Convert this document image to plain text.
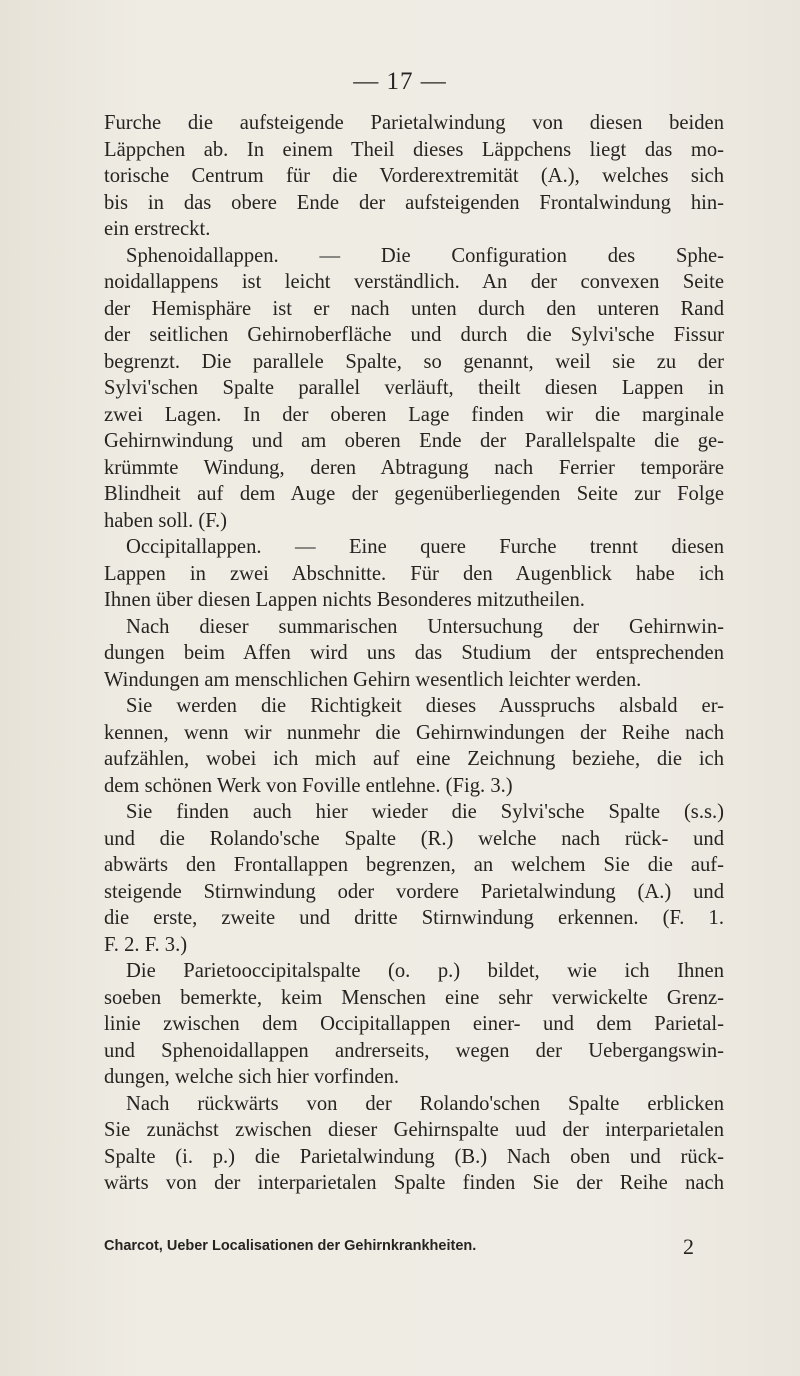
— 17 —
Furche die aufsteigende Parietalwindung von diesen beiden
Läppchen ab. In einem Theil dieses Läppchens liegt das mo-
torische Centrum für die Vorderextremität (A.), welches sich
bis in das obere Ende der aufsteigenden Frontalwindung hin-
ein erstreckt.
Sphenoidallappen. — Die Configuration des Sphe-
noidallappens ist leicht verständlich. An der convexen Seite
der Hemisphäre ist er nach unten durch den unteren Rand
der seitlichen Gehirnoberfläche und durch die Sylvi'sche Fissur
begrenzt. Die parallele Spalte, so genannt, weil sie zu der
Sylvi'schen Spalte parallel verläuft, theilt diesen Lappen in
zwei Lagen. In der oberen Lage finden wir die marginale
Gehirnwindung und am oberen Ende der Parallelspalte die ge-
krümmte Windung, deren Abtragung nach Ferrier temporäre
Blindheit auf dem Auge der gegenüberliegenden Seite zur Folge
haben soll. (F.)
Occipitallappen. — Eine quere Furche trennt diesen
Lappen in zwei Abschnitte. Für den Augenblick habe ich
Ihnen über diesen Lappen nichts Besonderes mitzutheilen.
Nach dieser summarischen Untersuchung der Gehirnwin-
dungen beim Affen wird uns das Studium der entsprechenden
Windungen am menschlichen Gehirn wesentlich leichter werden.
Sie werden die Richtigkeit dieses Ausspruchs alsbald er-
kennen, wenn wir nunmehr die Gehirnwindungen der Reihe nach
aufzählen, wobei ich mich auf eine Zeichnung beziehe, die ich
dem schönen Werk von Foville entlehne. (Fig. 3.)
Sie finden auch hier wieder die Sylvi'sche Spalte (s.s.)
und die Rolando'sche Spalte (R.) welche nach rück- und
abwärts den Frontallappen begrenzen, an welchem Sie die auf-
steigende Stirnwindung oder vordere Parietalwindung (A.) und
die erste, zweite und dritte Stirnwindung erkennen. (F. 1.
F. 2. F. 3.)
Die Parietooccipitalspalte (o. p.) bildet, wie ich Ihnen
soeben bemerkte, keim Menschen eine sehr verwickelte Grenz-
linie zwischen dem Occipitallappen einer- und dem Parietal-
und Sphenoidallappen andrerseits, wegen der Uebergangswin-
dungen, welche sich hier vorfinden.
Nach rückwärts von der Rolando'schen Spalte erblicken
Sie zunächst zwischen dieser Gehirnspalte uud der interparietalen
Spalte (i. p.) die Parietalwindung (B.) Nach oben und rück-
wärts von der interparietalen Spalte finden Sie der Reihe nach
Charcot, Ueber Localisationen der Gehirnkrankheiten.	2
